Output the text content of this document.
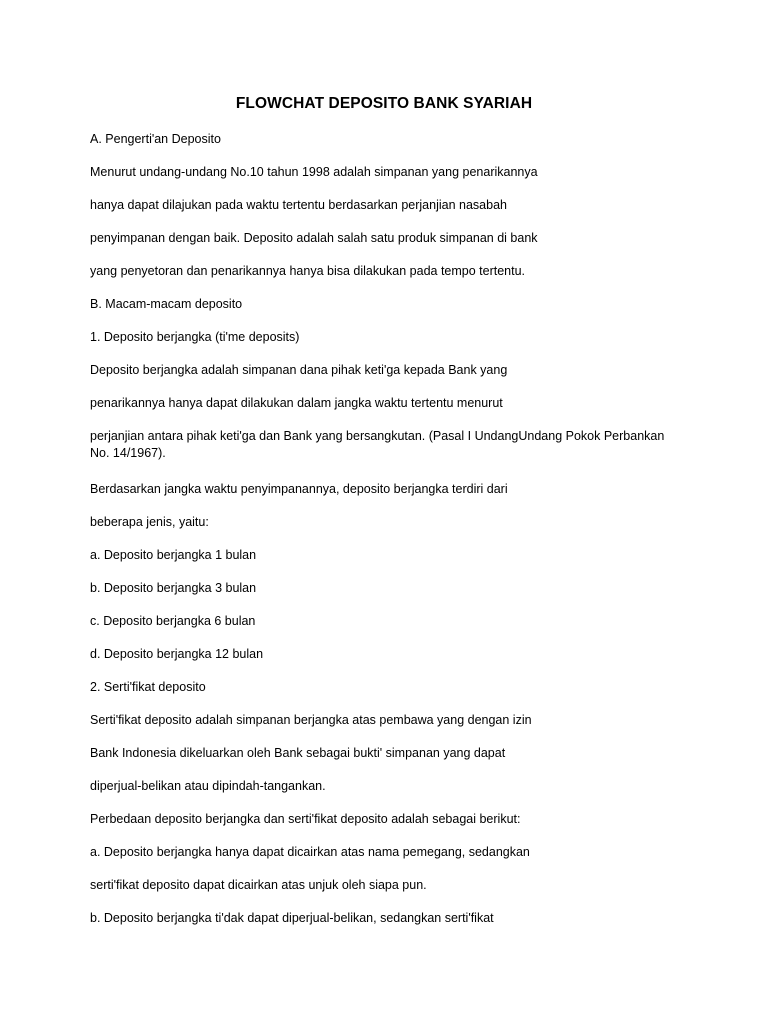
FLOWCHAT DEPOSITO BANK SYARIAH
A. Pengerti'an Deposito
Menurut undang-undang No.10 tahun 1998 adalah simpanan yang penarikannya
hanya dapat dilajukan pada waktu tertentu berdasarkan perjanjian nasabah
penyimpanan dengan baik. Deposito adalah salah satu produk simpanan di bank
yang penyetoran dan penarikannya hanya bisa dilakukan pada tempo tertentu.
B. Macam-macam deposito
1. Deposito berjangka (ti'me deposits)
Deposito berjangka adalah simpanan dana pihak keti'ga kepada Bank yang
penarikannya hanya dapat dilakukan dalam jangka waktu tertentu menurut
perjanjian antara pihak keti'ga dan Bank yang bersangkutan. (Pasal I UndangUndang Pokok Perbankan No. 14/1967).
Berdasarkan jangka waktu penyimpanannya, deposito berjangka terdiri dari
beberapa jenis, yaitu:
a. Deposito berjangka 1 bulan
b. Deposito berjangka 3 bulan
c. Deposito berjangka 6 bulan
d. Deposito berjangka 12 bulan
2. Serti'fikat deposito
Serti'fikat deposito adalah simpanan berjangka atas pembawa yang dengan izin
Bank Indonesia dikeluarkan oleh Bank sebagai bukti' simpanan yang dapat
diperjual-belikan atau dipindah-tangankan.
Perbedaan deposito berjangka dan serti'fikat deposito adalah sebagai berikut:
a. Deposito berjangka hanya dapat dicairkan atas nama pemegang, sedangkan
serti'fikat deposito dapat dicairkan atas unjuk oleh siapa pun.
b. Deposito berjangka ti'dak dapat diperjual-belikan, sedangkan serti'fikat
